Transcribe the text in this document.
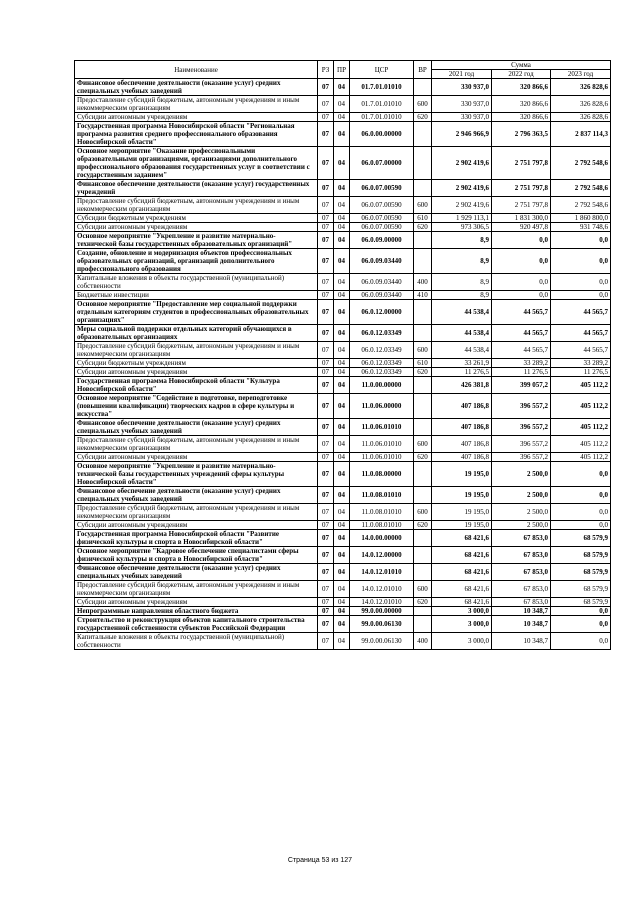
Наименование	РЗ	ПР	ЦСР	ВР	Сумма		
					2021 год	2022 год	2023 год
Финансовое обеспечение деятельности (оказание услуг) средних специальных учебных заведений	07	04	01.7.01.01010		330 937,0	320 866,6	326 828,6
Предоставление субсидий бюджетным, автономным учреждениям и иным некоммерческим организациям	07	04	01.7.01.01010	600	330 937,0	320 866,6	326 828,6
Субсидии автономным учреждениям	07	04	01.7.01.01010	620	330 937,0	320 866,6	326 828,6
Государственная программа Новосибирской области "Региональная программа развития среднего профессионального образования Новосибирской области"	07	04	06.0.00.00000		2 946 966,9	2 796 363,5	2 837 114,3
Основное мероприятие "Оказание профессиональными образовательными организациями, организациями дополнительного профессионального образования государственных услуг в соответствии с государственным заданием"	07	04	06.0.07.00000		2 902 419,6	2 751 797,8	2 792 548,6
Финансовое обеспечение деятельности (оказание услуг) государственных учреждений	07	04	06.0.07.00590		2 902 419,6	2 751 797,8	2 792 548,6
Предоставление субсидий бюджетным, автономным учреждениям и иным некоммерческим организациям	07	04	06.0.07.00590	600	2 902 419,6	2 751 797,8	2 792 548,6
Субсидии бюджетным учреждениям	07	04	06.0.07.00590	610	1 929 113,1	1 831 300,0	1 860 800,0
Субсидии автономным учреждениям	07	04	06.0.07.00590	620	973 306,5	920 497,8	931 748,6
Основное мероприятие "Укрепление и развитие материально-технической базы государственных образовательных организаций"	07	04	06.0.09.00000		8,9	0,0	0,0
Создание, обновление и модернизация объектов профессиональных образовательных организаций, организаций дополнительного профессионального образования	07	04	06.0.09.03440		8,9	0,0	0,0
Капитальные вложения в объекты государственной (муниципальной) собственности	07	04	06.0.09.03440	400	8,9	0,0	0,0
Бюджетные инвестиции	07	04	06.0.09.03440	410	8,9	0,0	0,0
Основное мероприятие "Предоставление мер социальной поддержки отдельным категориям студентов в профессиональных образовательных организациях"	07	04	06.0.12.00000		44 538,4	44 565,7	44 565,7
Меры социальной поддержки отдельных категорий обучающихся в образовательных организациях	07	04	06.0.12.03349		44 538,4	44 565,7	44 565,7
Предоставление субсидий бюджетным, автономным учреждениям и иным некоммерческим организациям	07	04	06.0.12.03349	600	44 538,4	44 565,7	44 565,7
Субсидии бюджетным учреждениям	07	04	06.0.12.03349	610	33 261,9	33 289,2	33 289,2
Субсидии автономным учреждениям	07	04	06.0.12.03349	620	11 276,5	11 276,5	11 276,5
Государственная программа Новосибирской области "Культура Новосибирской области"	07	04	11.0.00.00000		426 381,8	399 057,2	405 112,2
Основное мероприятие "Содействие в подготовке, переподготовке (повышении квалификации) творческих кадров в сфере культуры и искусства"	07	04	11.0.06.00000		407 186,8	396 557,2	405 112,2
Финансовое обеспечение деятельности (оказание услуг) средних специальных учебных заведений	07	04	11.0.06.01010		407 186,8	396 557,2	405 112,2
Предоставление субсидий бюджетным, автономным учреждениям и иным некоммерческим организациям	07	04	11.0.06.01010	600	407 186,8	396 557,2	405 112,2
Субсидии автономным учреждениям	07	04	11.0.06.01010	620	407 186,8	396 557,2	405 112,2
Основное мероприятие "Укрепление и развитие материально-технической базы государственных учреждений сферы культуры Новосибирской области"	07	04	11.0.08.00000		19 195,0	2 500,0	0,0
Финансовое обеспечение деятельности (оказание услуг) средних специальных учебных заведений	07	04	11.0.08.01010		19 195,0	2 500,0	0,0
Предоставление субсидий бюджетным, автономным учреждениям и иным некоммерческим организациям	07	04	11.0.08.01010	600	19 195,0	2 500,0	0,0
Субсидии автономным учреждениям	07	04	11.0.08.01010	620	19 195,0	2 500,0	0,0
Государственная программа Новосибирской области "Развитие физической культуры и спорта в Новосибирской области"	07	04	14.0.00.00000		68 421,6	67 853,0	68 579,9
Основное мероприятие "Кадровое обеспечение специалистами сферы физической культуры и спорта в Новосибирской области"	07	04	14.0.12.00000		68 421,6	67 853,0	68 579,9
Финансовое обеспечение деятельности (оказание услуг) средних специальных учебных заведений	07	04	14.0.12.01010		68 421,6	67 853,0	68 579,9
Предоставление субсидий бюджетным, автономным учреждениям и иным некоммерческим организациям	07	04	14.0.12.01010	600	68 421,6	67 853,0	68 579,9
Субсидии автономным учреждениям	07	04	14.0.12.01010	620	68 421,6	67 853,0	68 579,9
Непрограммные направления областного бюджета	07	04	99.0.00.00000		3 000,0	10 348,7	0,0
Строительство и реконструкция объектов капитального строительства государственной собственности субъектов Российской Федерации	07	04	99.0.00.06130		3 000,0	10 348,7	0,0
Капитальные вложения в объекты государственной (муниципальной) собственности	07	04	99.0.00.06130	400	3 000,0	10 348,7	0,0
Страница 53 из 127
